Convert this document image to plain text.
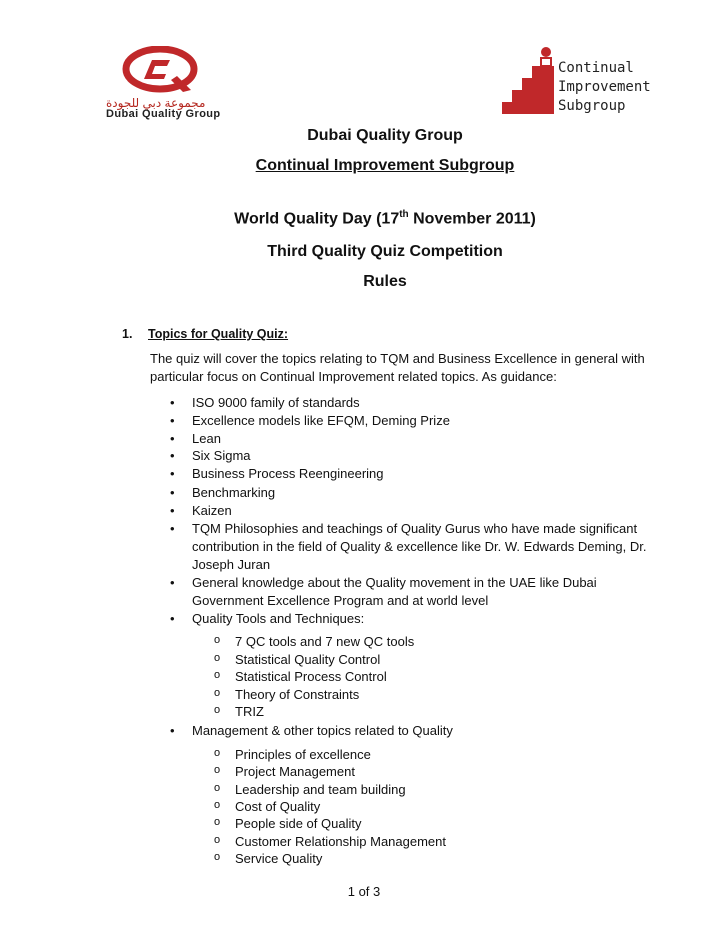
مجموعة دبي للجودة
Dubai Quality Group
Continual
Improvement
Subgroup
Dubai Quality Group
Continual Improvement Subgroup
World Quality Day (17th November 2011)
Third Quality Quiz Competition
Rules
1. Topics for Quality Quiz:
The quiz will cover the topics relating to TQM and Business Excellence in general with particular focus on Continual Improvement related topics. As guidance:
• ISO 9000 family of standards
• Excellence models like EFQM, Deming Prize
• Lean
• Six Sigma
• Business Process Reengineering
• Benchmarking
• Kaizen
• TQM Philosophies and teachings of Quality Gurus who have made significant
contribution in the field of Quality & excellence like Dr. W. Edwards Deming, Dr.
Joseph Juran
• General knowledge about the Quality movement in the UAE like Dubai
Government Excellence Program and at world level
• Quality Tools and Techniques:
o 7 QC tools and 7 new QC tools
o Statistical Quality Control
o Statistical Process Control
o Theory of Constraints
o TRIZ
• Management & other topics related to Quality
o Principles of excellence
o Project Management
o Leadership and team building
o Cost of Quality
o People side of Quality
o Customer Relationship Management
o Service Quality
1 of 3
